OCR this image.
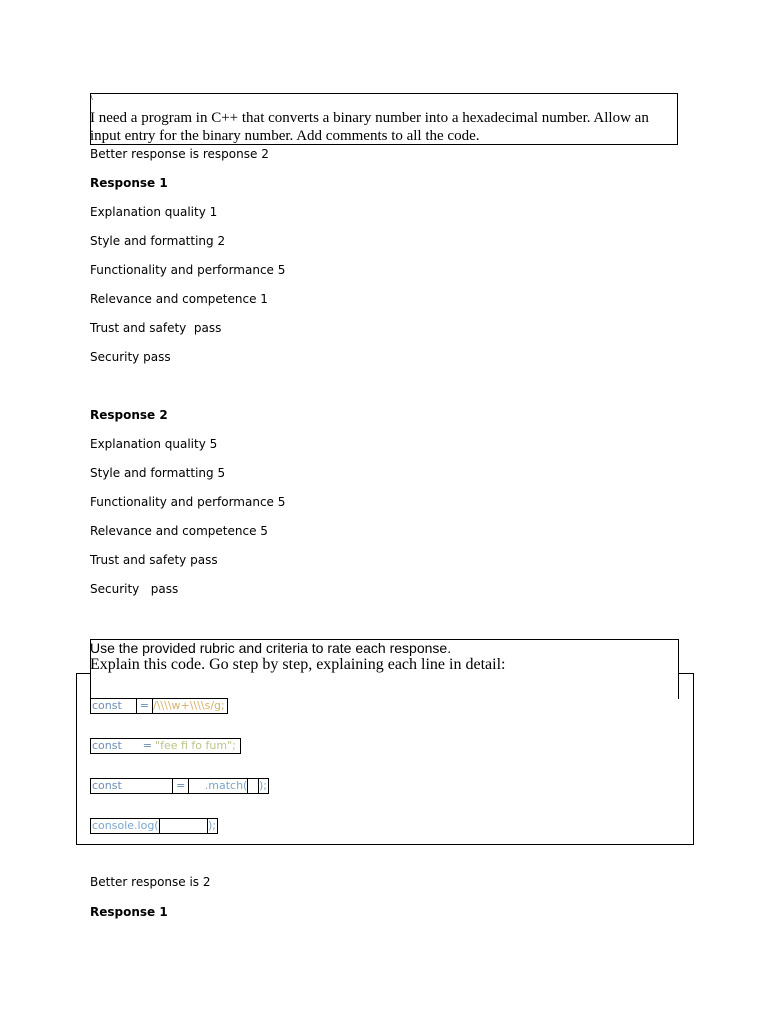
\
I need a program in C++ that converts a binary number into a hexadecimal number. Allow an input entry for the binary number. Add comments to all the code.
Better response is response 2
Response 1
Explanation quality 1
Style and formatting 2
Functionality and performance 5
Relevance and competence 1
Trust and safety  pass
Security pass
Response 2
Explanation quality 5
Style and formatting 5
Functionality and performance 5
Relevance and competence 5
Trust and safety pass
Security   pass
Use the provided rubric and criteria to rate each response.
Explain this code. Go step by step, explaining each line in detail:
const = /\\\\w+\\\\s/g;
const = "fee fi fo fum";
const	= .match( );
console.log(	);
Better response is 2
Response 1
